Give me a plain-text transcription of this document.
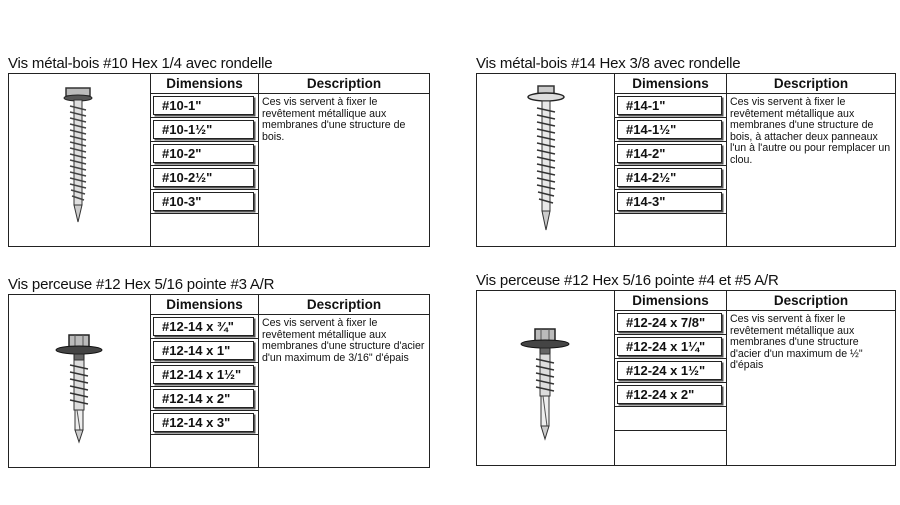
Vis métal-bois #10 Hex 1/4 avec rondelle
Dimensions
#10-1"
#10-1½"
#10-2"
#10-2½"
#10-3"
Description
Ces vis servent à fixer le revêtement métallique aux membranes d'une structure de bois.
Vis métal-bois #14 Hex 3/8 avec rondelle
Dimensions
#14-1"
#14-1½"
#14-2"
#14-2½"
#14-3"
Description
Ces vis servent à fixer le revêtement métallique aux membranes d'une structure de bois, à attacher deux panneaux l'un à l'autre ou pour remplacer un clou.
Vis perceuse #12 Hex 5/16 pointe #3 A/R
Dimensions
#12-14 x ¾"
#12-14 x 1"
#12-14 x 1½"
#12-14 x 2"
#12-14 x 3"
Description
Ces vis servent à fixer le revêtement métallique aux membranes d'une structure d'acier d'un maximum de 3/16" d'épais
Vis perceuse #12 Hex 5/16 pointe #4 et #5 A/R
Dimensions
#12-24 x 7/8"
#12-24 x 1¼"
#12-24 x 1½"
#12-24 x 2"
Description
Ces vis servent à fixer le revêtement métallique aux membranes d'une structure d'acier d'un maximum de ½" d'épais
